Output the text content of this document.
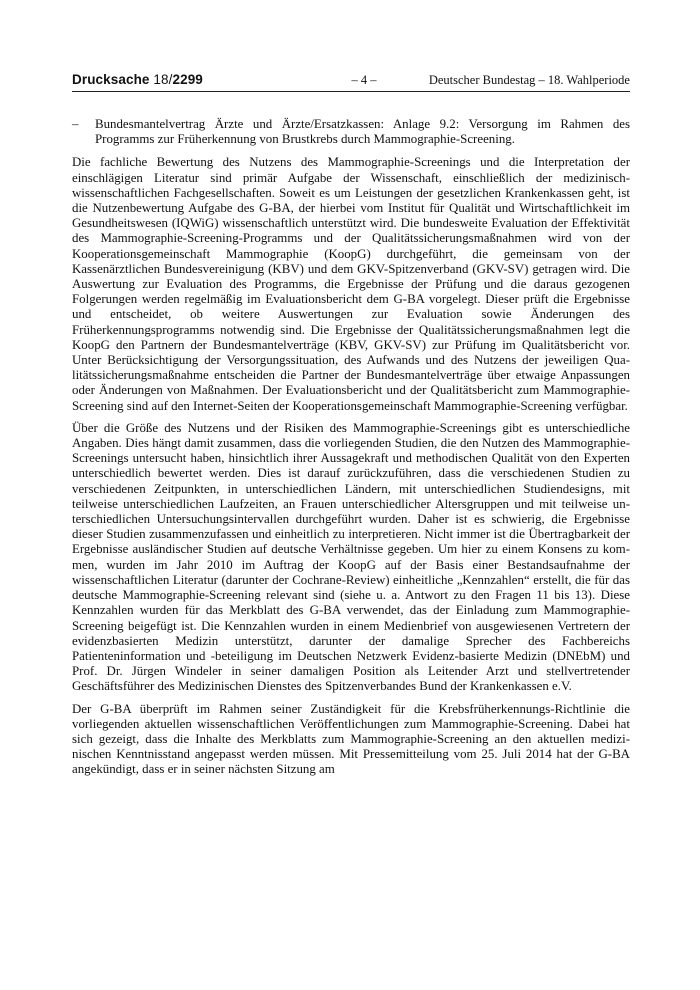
Drucksache 18/2299	– 4 –	Deutscher Bundestag – 18. Wahlperiode
– Bundesmantelvertrag Ärzte und Ärzte/Ersatzkassen: Anlage 9.2: Versorgung im Rahmen des Programms zur Früherkennung von Brustkrebs durch Mammographie-Screening.

Die fachliche Bewertung des Nutzens des Mammographie-Screenings und die Interpretation der einschlägigen Literatur sind primär Aufgabe der Wissenschaft, einschließlich der medizinisch-wissenschaftlichen Fachgesellschaften. Soweit es um Leistungen der gesetzlichen Krankenkassen geht, ist die Nutzenbewertung Aufgabe des G-BA, der hierbei vom Institut für Qualität und Wirtschaftlichkeit im Gesundheitswesen (IQWiG) wissenschaftlich unterstützt wird. Die bundesweite Evaluation der Effektivität des Mammographie-Screening-Programms und der Qualitätssicherungsmaßnahmen wird von der Kooperationsgemeinschaft Mammographie (KoopG) durchgeführt, die gemeinsam von der Kassenärztlichen Bundesvereinigung (KBV) und dem GKV-Spitzenverband (GKV-SV) getragen wird. Die Auswertung zur Evaluation des Programms, die Ergebnisse der Prüfung und die daraus gezogenen Folgerungen werden regelmäßig im Evaluationsbericht dem G-BA vorgelegt. Dieser prüft die Ergebnisse und entscheidet, ob weitere Auswertungen zur Evaluation sowie Änderungen des Früherkennungsprogramms notwendig sind. Die Ergebnisse der Qualitätssicherungsmaßnahmen legt die KoopG den Partnern der Bundesmantelverträge (KBV, GKV-SV) zur Prüfung im Qualitätsbericht vor. Unter Berücksichtigung der Versorgungssituation, des Aufwands und des Nutzens der jeweiligen Qualitätssicherungsmaßnahme entscheiden die Partner der Bundesmantelverträge über etwaige Anpassungen oder Änderungen von Maßnahmen. Der Evaluationsbericht und der Qualitätsbericht zum Mammographie-Screening sind auf den Internet-Seiten der Kooperationsgemeinschaft Mammographie-Screening verfügbar.

Über die Größe des Nutzens und der Risiken des Mammographie-Screenings gibt es unterschiedliche Angaben. Dies hängt damit zusammen, dass die vorliegenden Studien, die den Nutzen des Mammographie-Screenings untersucht haben, hinsichtlich ihrer Aussagekraft und methodischen Qualität von den Experten unterschiedlich bewertet werden. Dies ist darauf zurückzuführen, dass die verschiedenen Studien zu verschiedenen Zeitpunkten, in unterschiedlichen Ländern, mit unterschiedlichen Studiendesigns, mit teilweise unterschiedlichen Laufzeiten, an Frauen unterschiedlicher Altersgruppen und mit teilweise unterschiedlichen Untersuchungsintervallen durchgeführt wurden. Daher ist es schwierig, die Ergebnisse dieser Studien zusammenzufassen und einheitlich zu interpretieren. Nicht immer ist die Übertragbarkeit der Ergebnisse ausländischer Studien auf deutsche Verhältnisse gegeben. Um hier zu einem Konsens zu kommen, wurden im Jahr 2010 im Auftrag der KoopG auf der Basis einer Bestandsaufnahme der wissenschaftlichen Literatur (darunter der Cochrane-Review) einheitliche „Kennzahlen“ erstellt, die für das deutsche Mammographie-Screening relevant sind (siehe u. a. Antwort zu den Fragen 11 bis 13). Diese Kennzahlen wurden für das Merkblatt des G-BA verwendet, das der Einladung zum Mammographie-Screening beigefügt ist. Die Kennzahlen wurden in einem Medienbrief von ausgewiesenen Vertretern der evidenzbasierten Medizin unterstützt, darunter der damalige Sprecher des Fachbereichs Patienteninformation und -beteiligung im Deutschen Netzwerk Evidenz-basierte Medizin (DNEbM) und Prof. Dr. Jürgen Windeler in seiner damaligen Position als Leitender Arzt und stellvertretender Geschäftsführer des Medizinischen Dienstes des Spitzenverbandes Bund der Krankenkassen e.V.

Der G-BA überprüft im Rahmen seiner Zuständigkeit für die Krebsfrüherkennungs-Richtlinie die vorliegenden aktuellen wissenschaftlichen Veröffentlichungen zum Mammographie-Screening. Dabei hat sich gezeigt, dass die Inhalte des Merkblatts zum Mammographie-Screening an den aktuellen medizinischen Kenntnisstand angepasst werden müssen. Mit Pressemitteilung vom 25. Juli 2014 hat der G-BA angekündigt, dass er in seiner nächsten Sitzung am
